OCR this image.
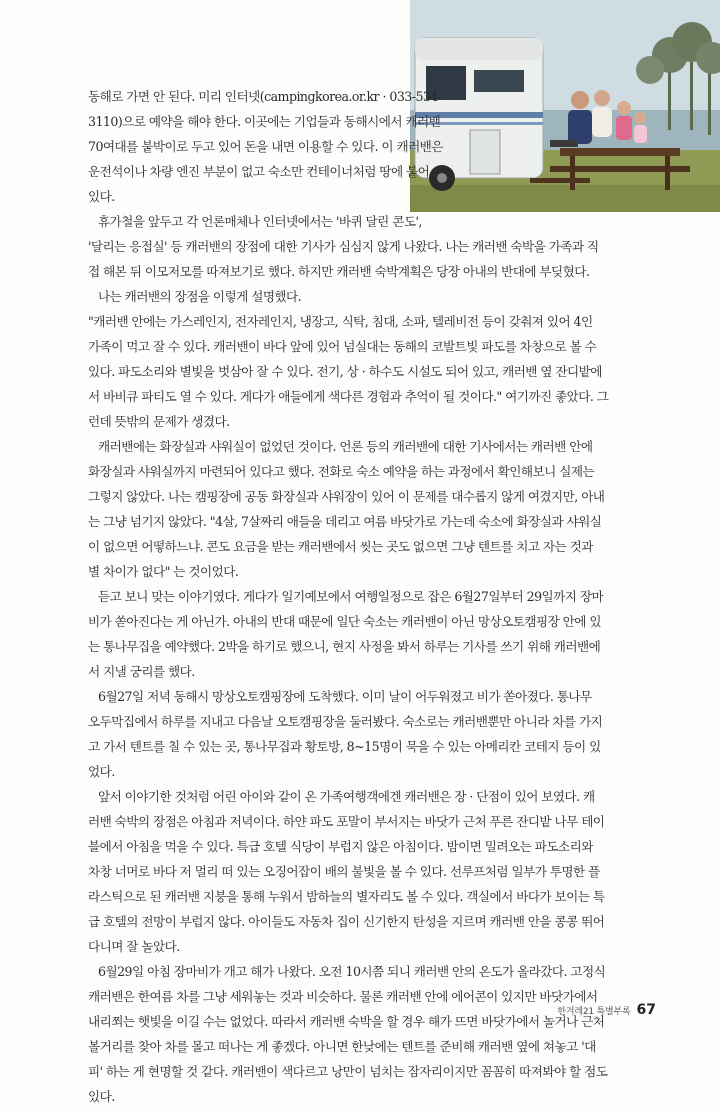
동해로 가면 안 된다. 미리 인터넷(campingkorea.or.kr · 033-534-
3110)으로 예약을 해야 한다. 이곳에는 기업들과 동해시에서 캐러밴
70여대를 붙박이로 두고 있어 돈을 내면 이용할 수 있다. 이 캐러밴은
운전석이나 차량 엔진 부분이 없고 숙소만 컨테이너처럼 땅에 붙어
있다.
휴가철을 앞두고 각 언론매체나 인터넷에서는 '바퀴 달린 콘도',
'달리는 응접실' 등 캐러밴의 장점에 대한 기사가 심심지 않게 나왔다. 나는 캐러밴 숙박을 가족과 직
접 해본 뒤 이모저모를 따져보기로 했다. 하지만 캐러밴 숙박계획은 당장 아내의 반대에 부딪혔다.
나는 캐러밴의 장점을 이렇게 설명했다.
"캐러밴 안에는 가스레인지, 전자레인지, 냉장고, 식탁, 침대, 소파, 텔레비전 등이 갖춰져 있어 4인
가족이 먹고 잘 수 있다. 캐러밴이 바다 앞에 있어 넘실대는 동해의 코발트빛 파도를 차창으로 볼 수
있다. 파도소리와 별빛을 벗삼아 잘 수 있다. 전기, 상 · 하수도 시설도 되어 있고, 캐러밴 옆 잔디밭에
서 바비큐 파티도 열 수 있다. 게다가 애들에게 색다른 경험과 추억이 될 것이다." 여기까진 좋았다. 그
런데 뜻밖의 문제가 생겼다.
캐러밴에는 화장실과 샤워실이 없었던 것이다. 언론 등의 캐러밴에 대한 기사에서는 캐러밴 안에
화장실과 샤워실까지 마련되어 있다고 했다. 전화로 숙소 예약을 하는 과정에서 확인해보니 실제는
그렇지 않았다. 나는 캠핑장에 공동 화장실과 샤워장이 있어 이 문제를 대수롭지 않게 여겼지만, 아내
는 그냥 넘기지 않았다. "4살, 7살짜리 애들을 데리고 여름 바닷가로 가는데 숙소에 화장실과 샤워실
이 없으면 어떻하느냐. 콘도 요금을 받는 캐러밴에서 씻는 곳도 없으면 그냥 텐트를 치고 자는 것과
별 차이가 없다" 는 것이었다.
듣고 보니 맞는 이야기였다. 게다가 일기예보에서 여행일정으로 잡은 6월27일부터 29일까지 장마
비가 쏟아진다는 게 아닌가. 아내의 반대 때문에 일단 숙소는 캐러밴이 아닌 망상오토캠핑장 안에 있
는 통나무집을 예약했다. 2박을 하기로 했으니, 현지 사정을 봐서 하루는 기사를 쓰기 위해 캐러밴에
서 지낼 궁리를 했다.
6월27일 저녁 동해시 망상오토캠핑장에 도착했다. 이미 날이 어두워졌고 비가 쏟아졌다. 통나무
오두막집에서 하루를 지내고 다음날 오토캠핑장을 둘러봤다. 숙소로는 캐러밴뿐만 아니라 차를 가지
고 가서 텐트를 칠 수 있는 곳, 통나무집과 황토방, 8~15명이 묵을 수 있는 아메리칸 코테지 등이 있
었다.
앞서 이야기한 것처럼 어린 아이와 같이 온 가족여행객에겐 캐러밴은 장 · 단점이 있어 보였다. 캐
러밴 숙박의 장점은 아침과 저녁이다. 하얀 파도 포말이 부서지는 바닷가 근처 푸른 잔디밭 나무 테이
블에서 아침을 먹을 수 있다. 특급 호텔 식당이 부럽지 않은 아침이다. 밤이면 밀려오는 파도소리와
차창 너머로 바다 저 멀리 떠 있는 오징어잡이 배의 불빛을 볼 수 있다. 선루프처럼 일부가 투명한 플
라스틱으로 된 캐러밴 지붕을 통해 누워서 밤하늘의 별자리도 볼 수 있다. 객실에서 바다가 보이는 특
급 호텔의 전망이 부럽지 않다. 아이들도 자동차 집이 신기한지 탄성을 지르며 캐러밴 안을 콩콩 뛰어
다니며 잘 놀았다.
6월29일 아침 장마비가 개고 해가 나왔다. 오전 10시쯤 되니 캐러밴 안의 온도가 올라갔다. 고정식
캐러밴은 한여름 차를 그냥 세워놓는 것과 비슷하다. 물론 캐러밴 안에 에어콘이 있지만 바닷가에서
내리쬐는 햇빛을 이길 수는 없었다. 따라서 캐러밴 숙박을 할 경우 해가 뜨면 바닷가에서 놀거나 근처
볼거리를 찾아 차를 몰고 떠나는 게 좋겠다. 아니면 한낮에는 텐트를 준비해 캐러밴 옆에 쳐놓고 '대
피' 하는 게 현명할 것 같다. 캐러밴이 색다르고 낭만이 넘치는 잠자리이지만 꼼꼼히 따져봐야 할 점도
있다.
한겨레21 특별부록 67
